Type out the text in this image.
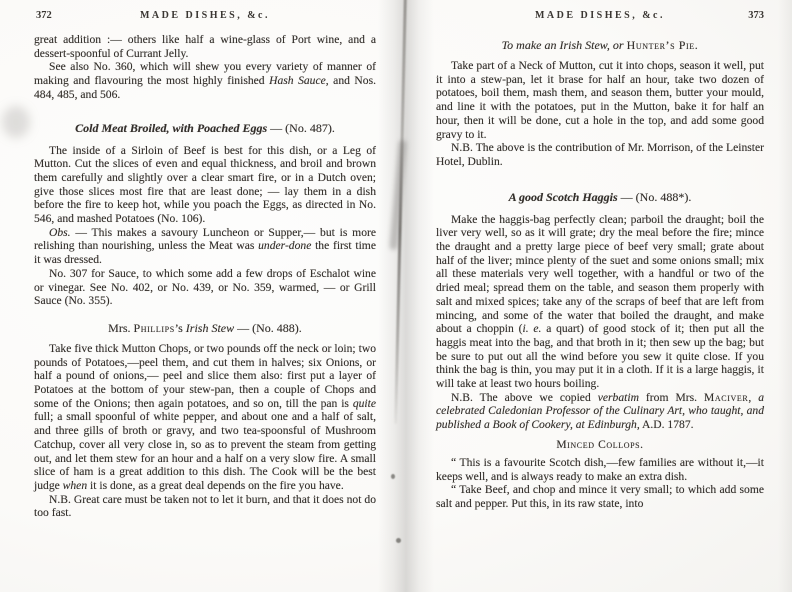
372	MADE DISHES, &c.

great addition :— others like half a wine-glass of Port wine, and a dessert-spoonful of Currant Jelly.

See also No. 360, which will shew you every variety of manner of making and flavouring the most highly finished Hash Sauce, and Nos. 484, 485, and 506.

Cold Meat Broiled, with Poached Eggs — (No. 487).

The inside of a Sirloin of Beef is best for this dish, or a Leg of Mutton. Cut the slices of even and equal thickness, and broil and brown them carefully and slightly over a clear smart fire, or in a Dutch oven; give those slices most fire that are least done; — lay them in a dish before the fire to keep hot, while you poach the Eggs, as directed in No. 546, and mashed Potatoes (No. 106).

Obs. — This makes a savoury Luncheon or Supper,— but is more relishing than nourishing, unless the Meat was under-done the first time it was dressed.

No. 307 for Sauce, to which some add a few drops of Eschalot wine or vinegar. See No. 402, or No. 439, or No. 359, warmed, — or Grill Sauce (No. 355).

Mrs. Phillips’s Irish Stew — (No. 488).

Take five thick Mutton Chops, or two pounds off the neck or loin; two pounds of Potatoes,—peel them, and cut them in halves; six Onions, or half a pound of onions,— peel and slice them also: first put a layer of Potatoes at the bottom of your stew-pan, then a couple of Chops and some of the Onions; then again potatoes, and so on, till the pan is quite full; a small spoonful of white pepper, and about one and a half of salt, and three gills of broth or gravy, and two tea-spoonsful of Mushroom Catchup, cover all very close in, so as to prevent the steam from getting out, and let them stew for an hour and a half on a very slow fire. A small slice of ham is a great addition to this dish. The Cook will be the best judge when it is done, as a great deal depends on the fire you have.

N.B. Great care must be taken not to let it burn, and that it does not do too fast.

MADE DISHES, &c.	373

To make an Irish Stew, or Hunter’s Pie.

Take part of a Neck of Mutton, cut it into chops, season it well, put it into a stew-pan, let it brase for half an hour, take two dozen of potatoes, boil them, mash them, and season them, butter your mould, and line it with the potatoes, put in the Mutton, bake it for half an hour, then it will be done, cut a hole in the top, and add some good gravy to it.

N.B. The above is the contribution of Mr. Morrison, of the Leinster Hotel, Dublin.

A good Scotch Haggis — (No. 488*).

Make the haggis-bag perfectly clean; parboil the draught; boil the liver very well, so as it will grate; dry the meal before the fire; mince the draught and a pretty large piece of beef very small; grate about half of the liver; mince plenty of the suet and some onions small; mix all these materials very well together, with a handful or two of the dried meal; spread them on the table, and season them properly with salt and mixed spices; take any of the scraps of beef that are left from mincing, and some of the water that boiled the draught, and make about a choppin (i. e. a quart) of good stock of it; then put all the haggis meat into the bag, and that broth in it; then sew up the bag; but be sure to put out all the wind before you sew it quite close. If you think the bag is thin, you may put it in a cloth. If it is a large haggis, it will take at least two hours boiling.

N.B. The above we copied verbatim from Mrs. Maciver, a celebrated Caledonian Professor of the Culinary Art, who taught, and published a Book of Cookery, at Edinburgh, A.D. 1787.

Minced Collops.

“ This is a favourite Scotch dish,—few families are without it,—it keeps well, and is always ready to make an extra dish.

“ Take Beef, and chop and mince it very small; to which add some salt and pepper. Put this, in its raw state, into
